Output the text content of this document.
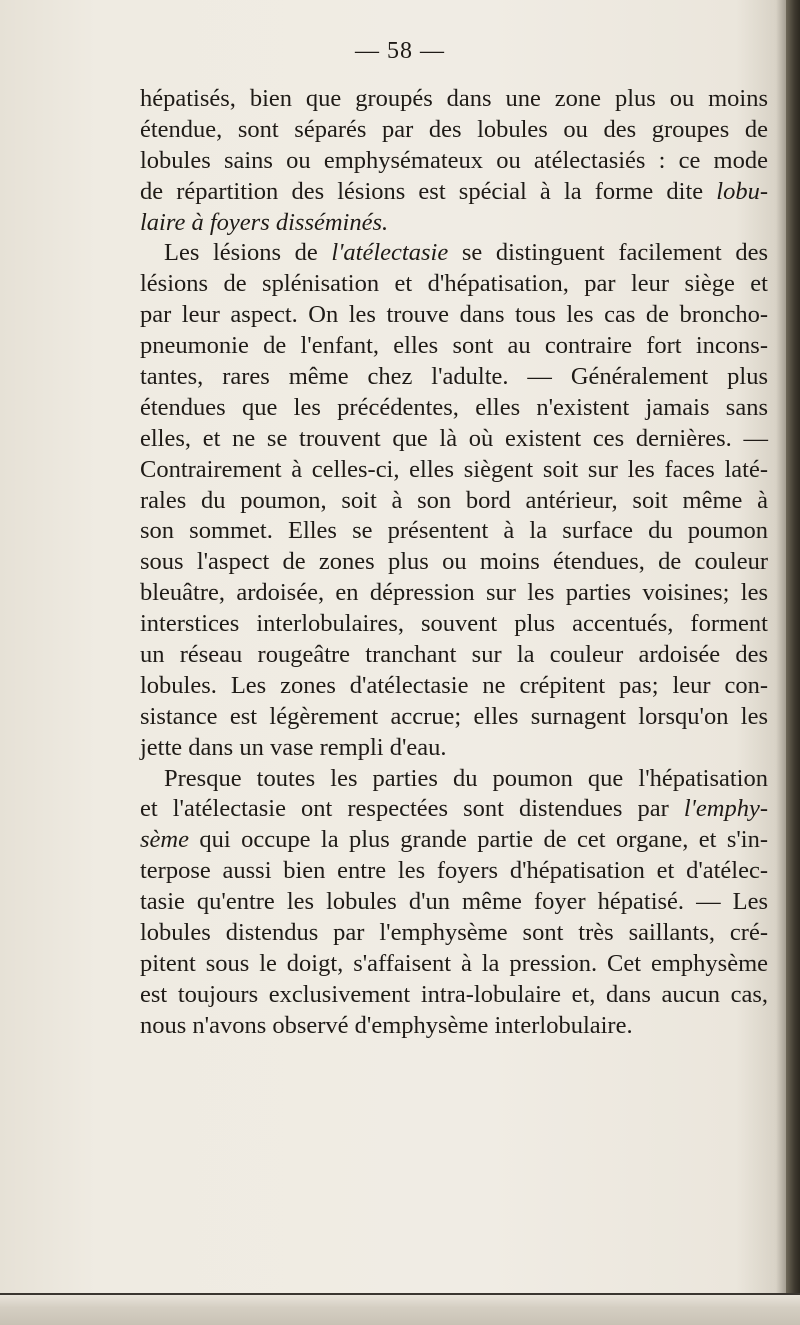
— 58 —
hépatisés, bien que groupés dans une zone plus ou moins
étendue, sont séparés par des lobules ou des groupes de
lobules sains ou emphysémateux ou atélectasiés : ce mode
de répartition des lésions est spécial à la forme dite lobu-
laire à foyers disséminés.
Les lésions de l'atélectasie se distinguent facilement des
lésions de splénisation et d'hépatisation, par leur siège et
par leur aspect. On les trouve dans tous les cas de broncho-
pneumonie de l'enfant, elles sont au contraire fort incons-
tantes, rares même chez l'adulte. — Généralement plus
étendues que les précédentes, elles n'existent jamais sans
elles, et ne se trouvent que là où existent ces dernières. —
Contrairement à celles-ci, elles siègent soit sur les faces laté-
rales du poumon, soit à son bord antérieur, soit même à
son sommet. Elles se présentent à la surface du poumon
sous l'aspect de zones plus ou moins étendues, de couleur
bleuâtre, ardoisée, en dépression sur les parties voisines; les
interstices interlobulaires, souvent plus accentués, forment
un réseau rougeâtre tranchant sur la couleur ardoisée des
lobules. Les zones d'atélectasie ne crépitent pas; leur con-
sistance est légèrement accrue; elles surnagent lorsqu'on les
jette dans un vase rempli d'eau.
Presque toutes les parties du poumon que l'hépatisation
et l'atélectasie ont respectées sont distendues par l'emphy-
sème qui occupe la plus grande partie de cet organe, et s'in-
terpose aussi bien entre les foyers d'hépatisation et d'atélec-
tasie qu'entre les lobules d'un même foyer hépatisé. — Les
lobules distendus par l'emphysème sont très saillants, cré-
pitent sous le doigt, s'affaisent à la pression. Cet emphysème
est toujours exclusivement intra-lobulaire et, dans aucun cas,
nous n'avons observé d'emphysème interlobulaire.
